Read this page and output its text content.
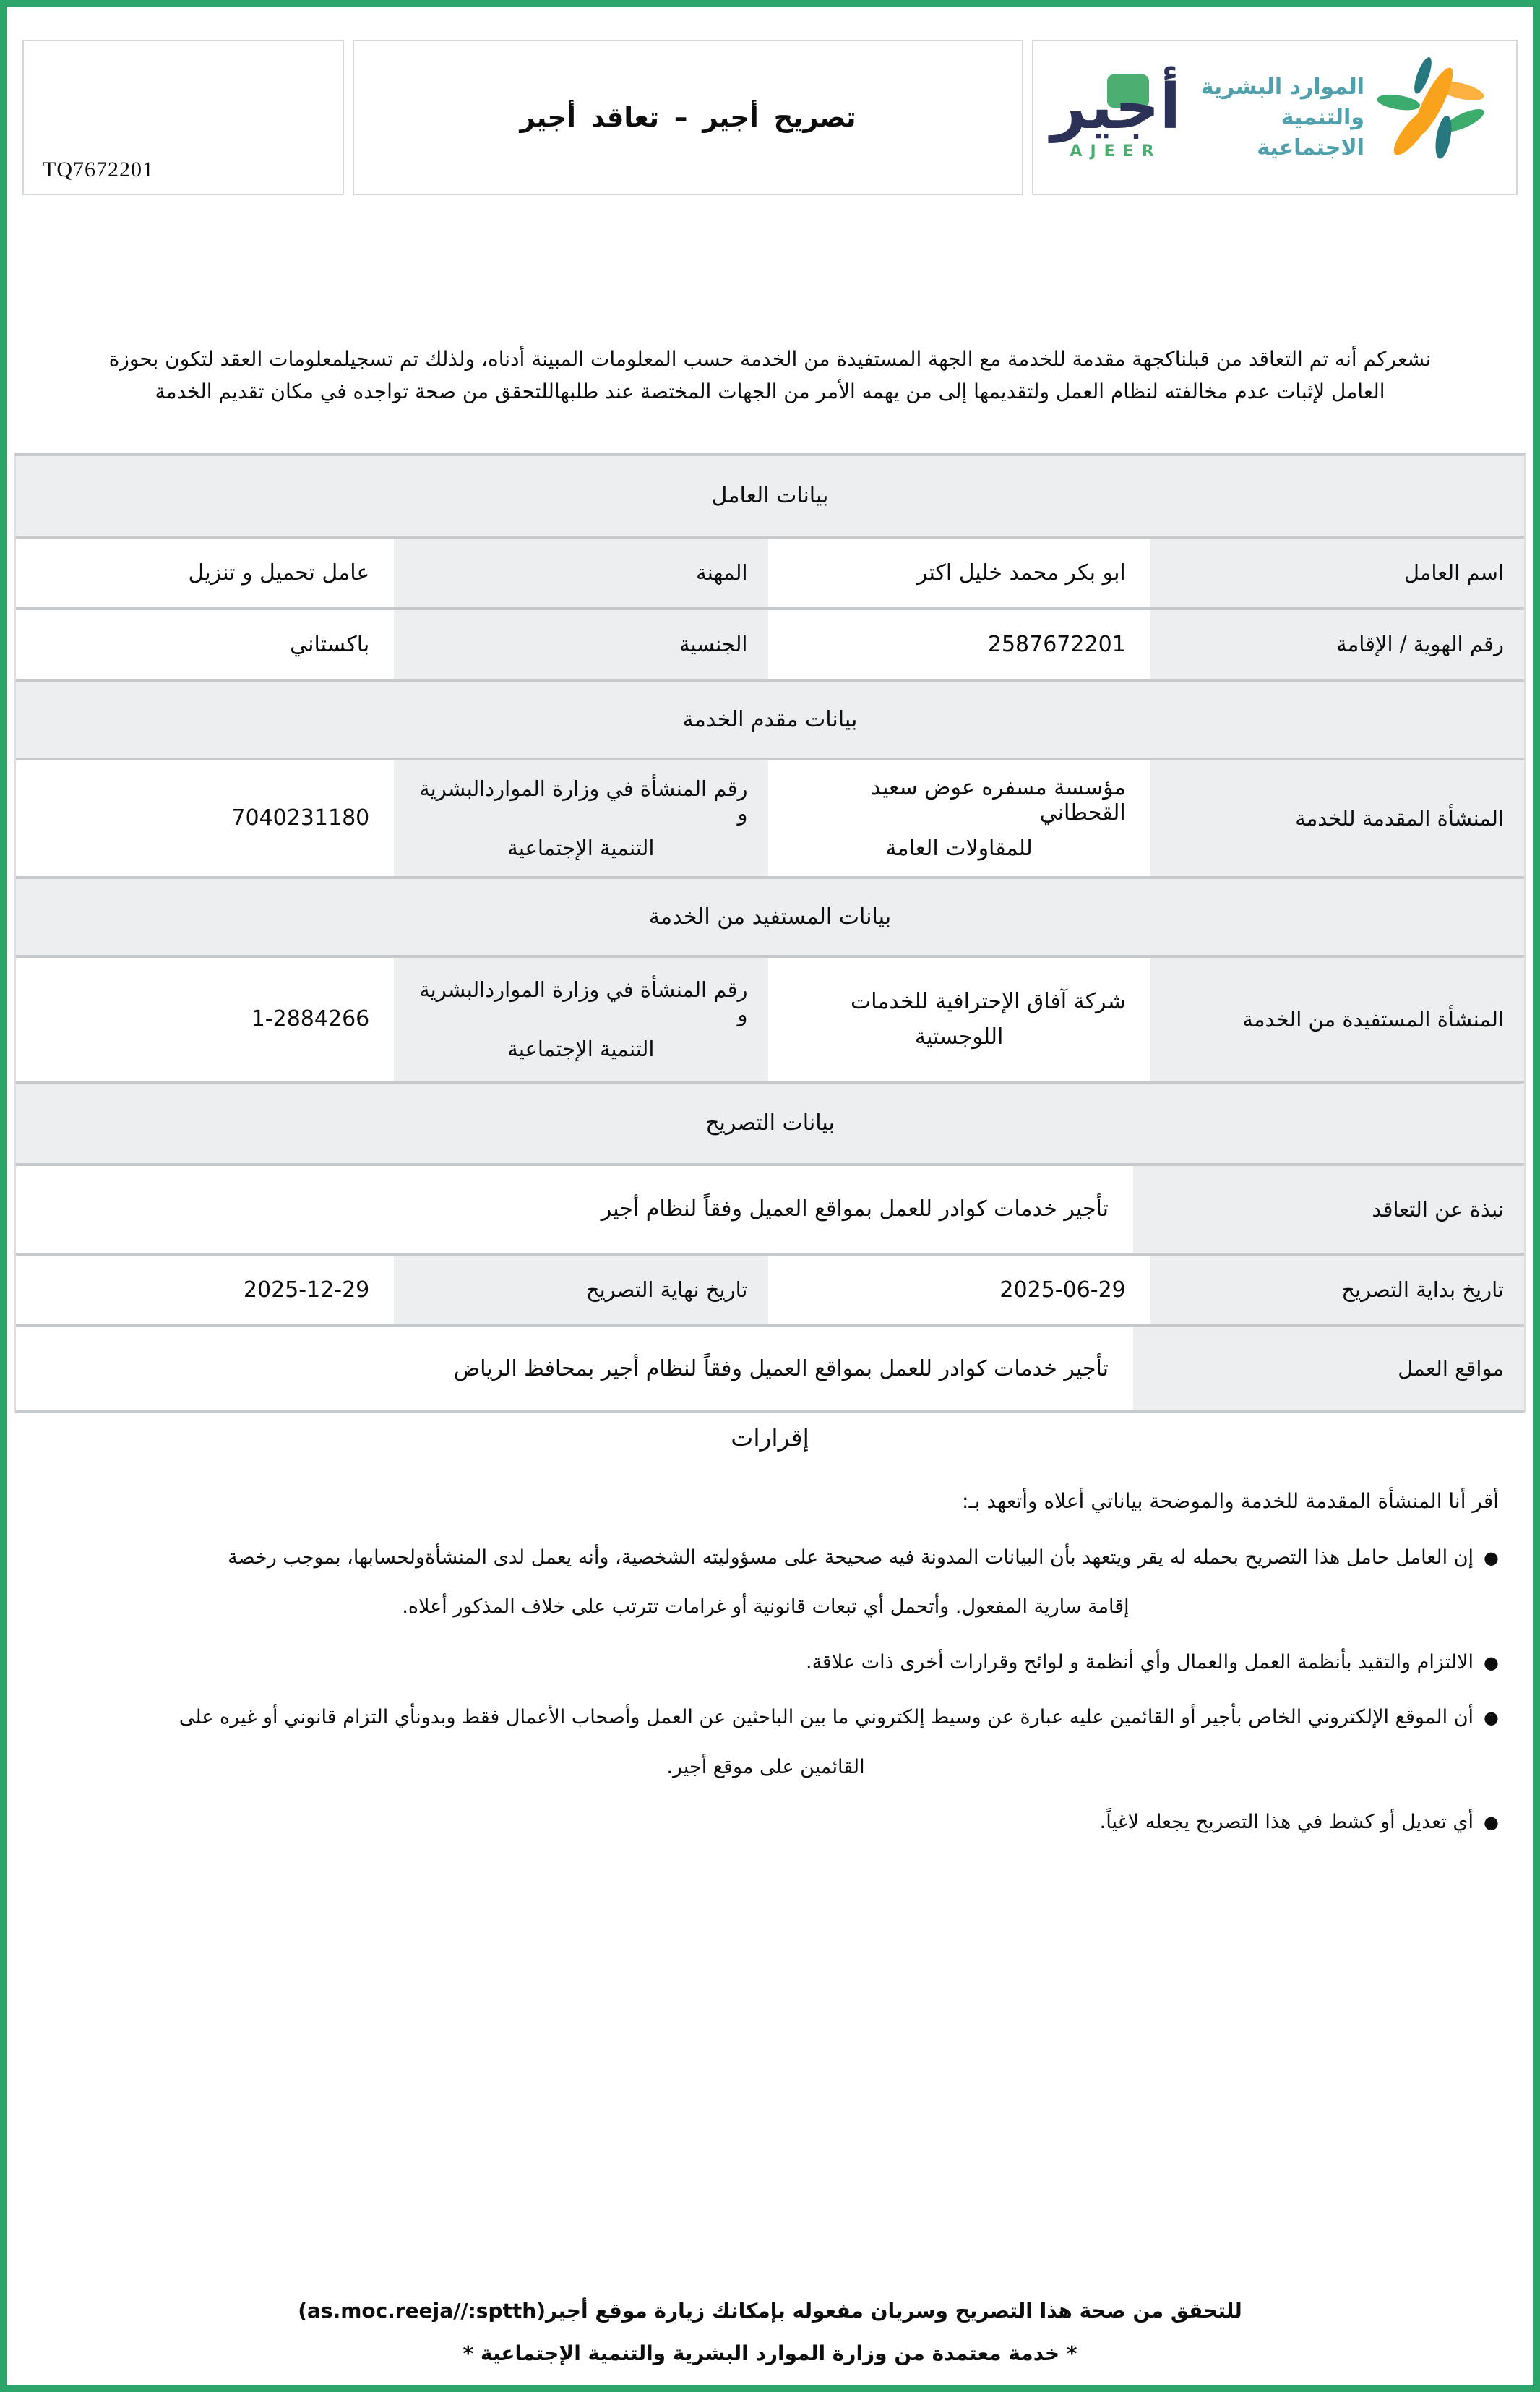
TQ7672201
تصريح أجير – تعاقد أجير	أجير
AJEER
الموارد البشرية
والتنمية الاجتماعية
نشعركم أنه تم التعاقد من قبلناكجهة مقدمة للخدمة مع الجهة المستفيدة من الخدمة حسب المعلومات المبينة أدناه، ولذلك تم تسجيلمعلومات العقد لتكون بحوزة
العامل لإثبات عدم مخالفته لنظام العمل ولتقديمها إلى من يهمه الأمر من الجهات المختصة عند طلبهاللتحقق من صحة تواجده في مكان تقديم الخدمة
بيانات العامل
اسم العامل
ابو بكر محمد خليل اكتر
المهنة
عامل تحميل و تنزيل
رقم الهوية / الإقامة
2587672201
الجنسية
باكستاني
بيانات مقدم الخدمة
المنشأة المقدمة للخدمة
مؤسسة مسفره عوض سعيد القحطاني
للمقاولات العامة
رقم المنشأة في وزارة المواردالبشرية و
التنمية الإجتماعية
7040231180
بيانات المستفيد من الخدمة
المنشأة المستفيدة من الخدمة
شركة آفاق الإحترافية للخدمات
اللوجستية
رقم المنشأة في وزارة المواردالبشرية و
التنمية الإجتماعية
1-2884266
بيانات التصريح
نبذة عن التعاقد
تأجير خدمات كوادر للعمل بمواقع العميل وفقاً لنظام أجير
تاريخ بداية التصريح
2025-06-29
تاريخ نهاية التصريح
2025-12-29
مواقع العمل
تأجير خدمات كوادر للعمل بمواقع العميل وفقاً لنظام أجير بمحافظ الرياض
إقرارات
أقر أنا المنشأة المقدمة للخدمة والموضحة بياناتي أعلاه وأتعهد بـ:
●إن العامل حامل هذا التصريح بحمله له يقر ويتعهد بأن البيانات المدونة فيه صحيحة على مسؤوليته الشخصية، وأنه يعمل لدى المنشأةولحسابها، بموجب رخصة
إقامة سارية المفعول. وأتحمل أي تبعات قانونية أو غرامات تترتب على خلاف المذكور أعلاه.
●الالتزام والتقيد بأنظمة العمل والعمال وأي أنظمة و لوائح وقرارات أخرى ذات علاقة.
●أن الموقع الإلكتروني الخاص بأجير أو القائمين عليه عبارة عن وسيط إلكتروني ما بين الباحثين عن العمل وأصحاب الأعمال فقط وبدونأي التزام قانوني أو غيره على
القائمين على موقع أجير.
●أي تعديل أو كشط في هذا التصريح يجعله لاغياً.
للتحقق من صحة هذا التصريح وسريان مفعوله بإمكانك زيارة موقع أجير(as.moc.reeja//:sptth)
* خدمة معتمدة من وزارة الموارد البشرية والتنمية الإجتماعية *
